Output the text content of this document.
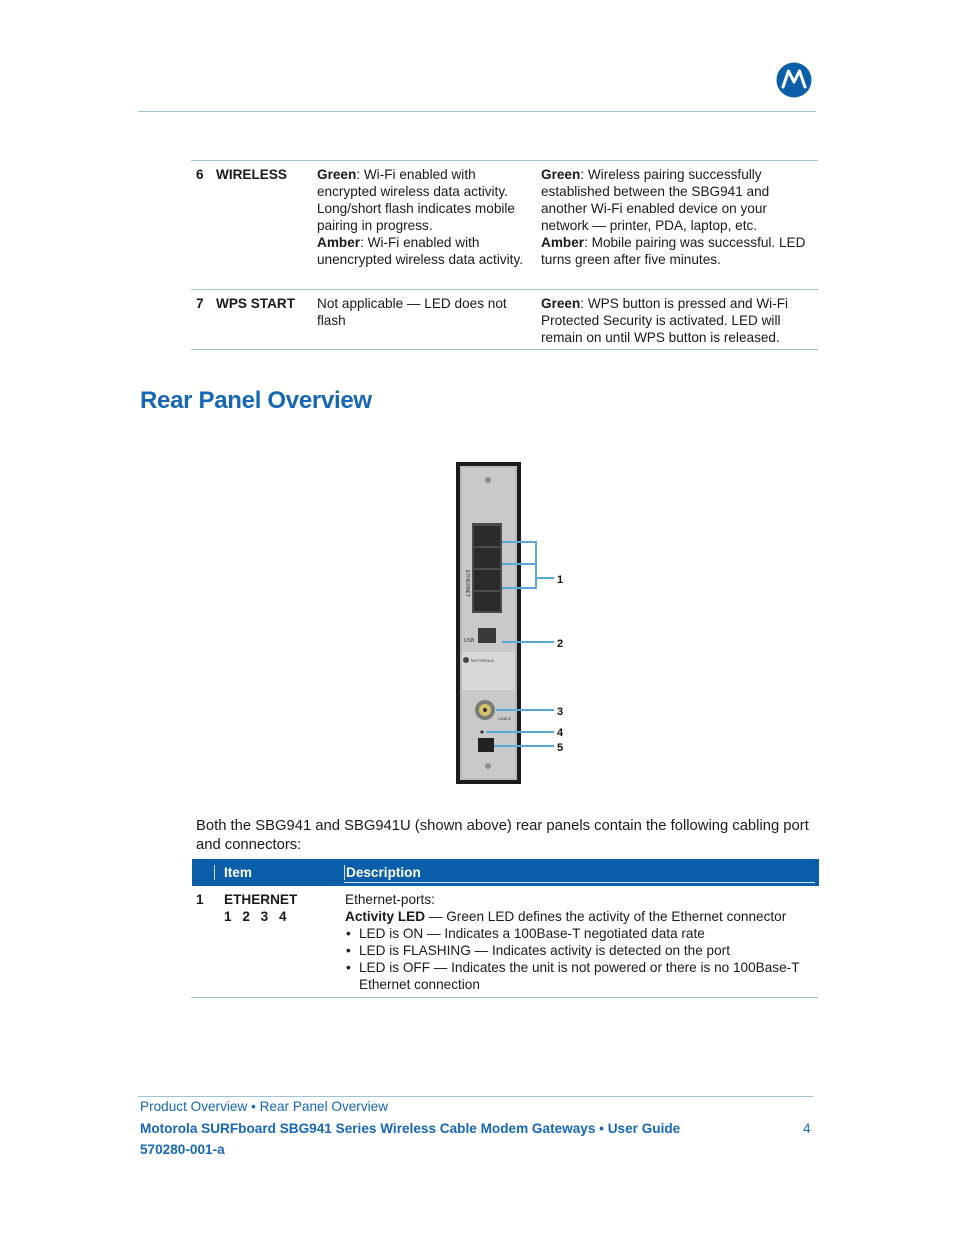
6 WIRELESS Green: Wi-Fi enabled with encrypted wireless data activity. Long/short flash indicates mobile pairing in progress.
Amber: Wi-Fi enabled with unencrypted wireless data activity.
Green: Wireless pairing successfully established between the SBG941 and another Wi-Fi enabled device on your network — printer, PDA, laptop, etc.
Amber: Mobile pairing was successful. LED turns green after five minutes.
7 WPS START Not applicable — LED does not flash
Green: WPS button is pressed and Wi-Fi Protected Security is activated. LED will remain on until WPS button is released.
Rear Panel Overview
ETHERNET
USB
MOTOROLA
CABLE
1
2
3
4
5
Both the SBG941 and SBG941U (shown above) rear panels contain the following cabling port and connectors:
Item	Description
1 ETHERNET
1 2 3 4
Ethernet-ports:
Activity LED — Green LED defines the activity of the Ethernet connector
• LED is ON — Indicates a 100Base-T negotiated data rate
• LED is FLASHING — Indicates activity is detected on the port
• LED is OFF — Indicates the unit is not powered or there is no 100Base-T Ethernet connection
Product Overview • Rear Panel Overview
Motorola SURFboard SBG941 Series Wireless Cable Modem Gateways • User Guide
570280-001-a
4
